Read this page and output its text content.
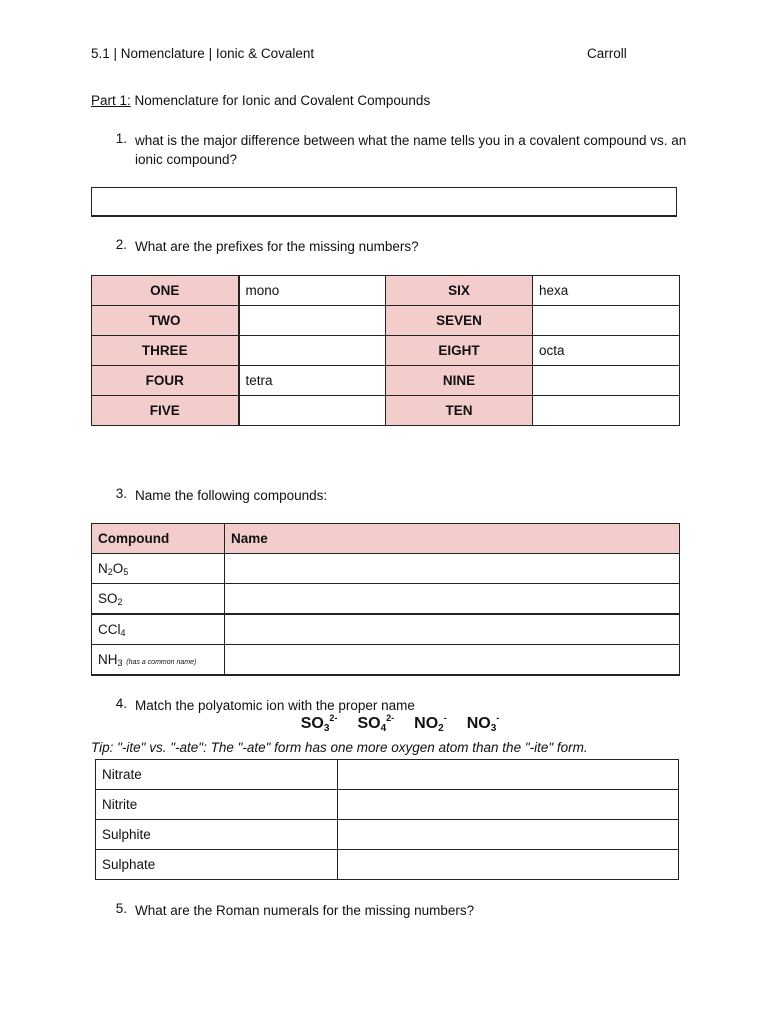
5.1 | Nomenclature | Ionic & Covalent	Carroll
Part 1: Nomenclature for Ionic and Covalent Compounds
1. what is the major difference between what the name tells you in a covalent compound vs. an ionic compound?
2. What are the prefixes for the missing numbers?
ONE	mono	SIX	hexa
TWO		SEVEN	
THREE		EIGHT	octa
FOUR	tetra	NINE	
FIVE		TEN	
3. Name the following compounds:
Compound	Name
$N_2O_5$	
$SO_2$	
CCl$_4$	
$NH_3$ (has a common name)	
4. Match the polyatomic ion with the proper name
$SO_3^{2-}$ $SO_4^{2-}$ $NO_2^-$ $NO_3^-$
Tip: "-ite" vs. "-ate": The "-ate" form has one more oxygen atom than the "-ite" form.
Nitrate	
Nitrite	
Sulphite	
Sulphate	
5. What are the Roman numerals for the missing numbers?
